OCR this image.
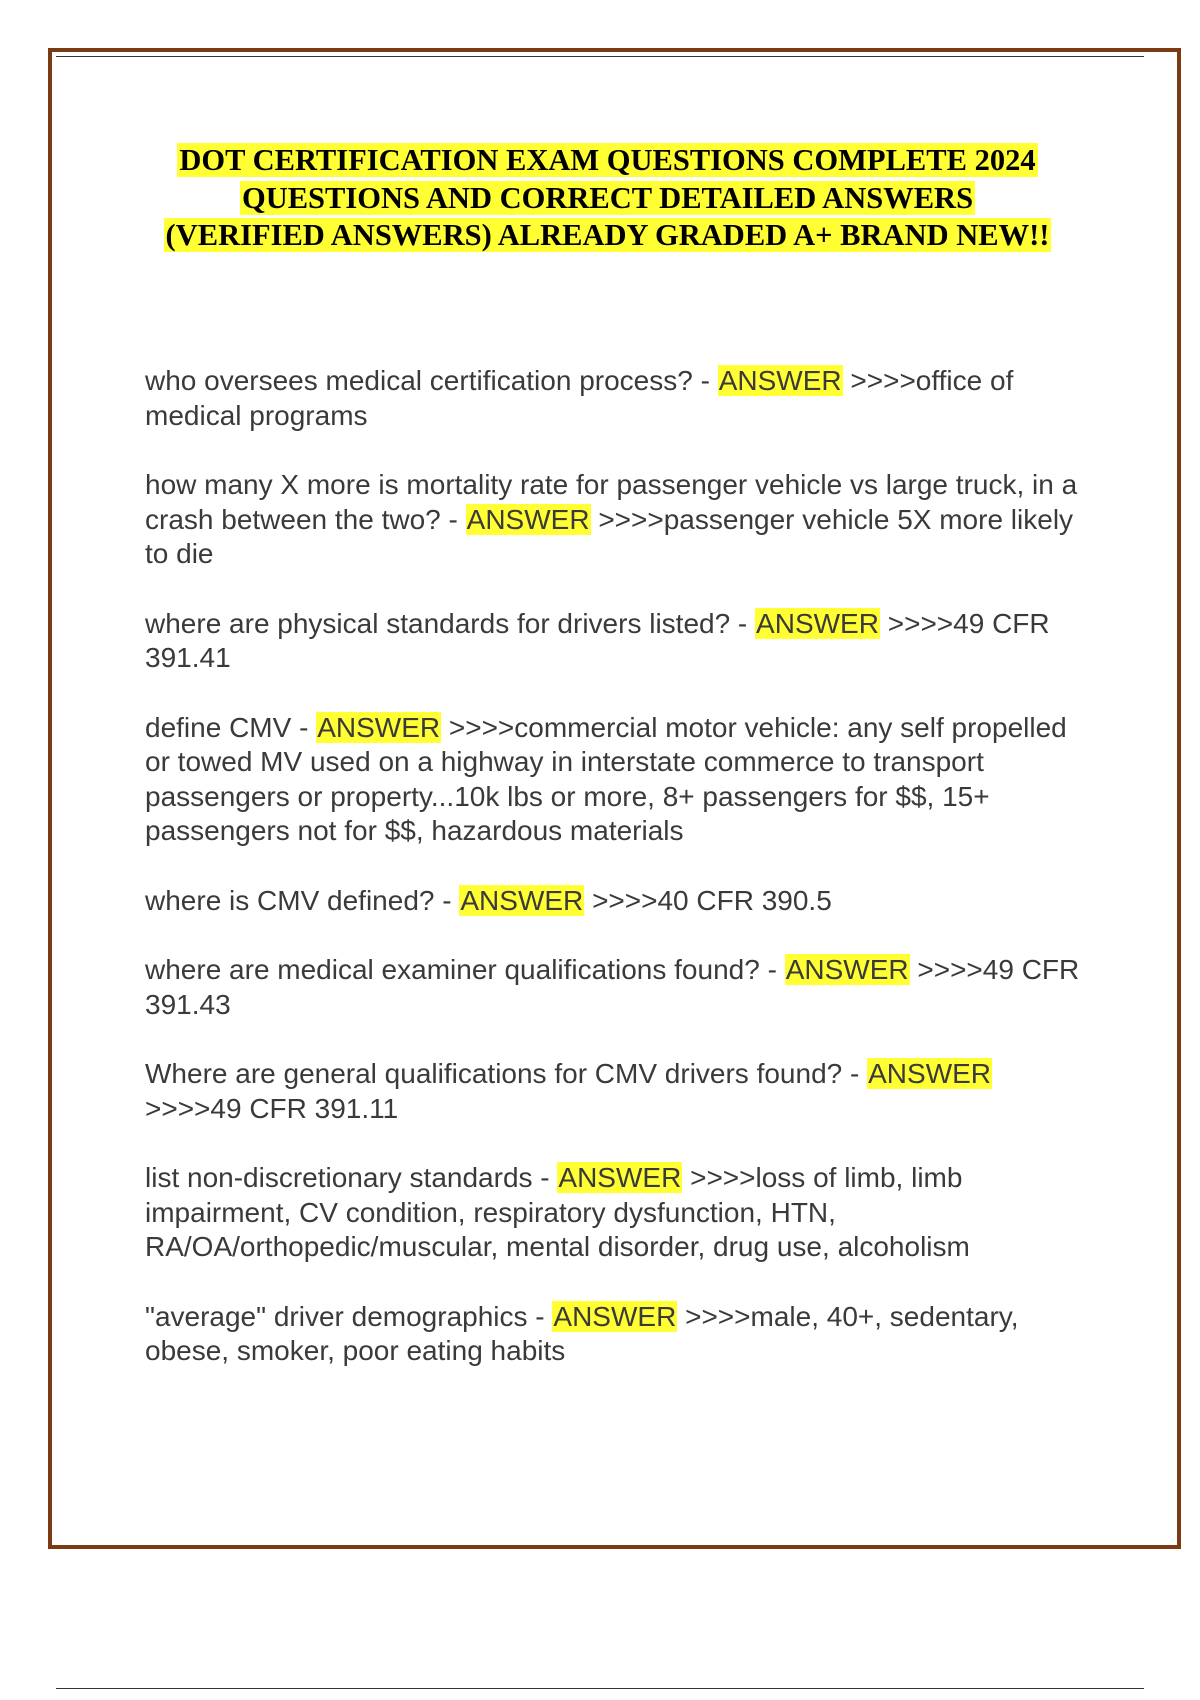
DOT CERTIFICATION EXAM QUESTIONS COMPLETE 2024
QUESTIONS AND CORRECT DETAILED ANSWERS
(VERIFIED ANSWERS) ALREADY GRADED A+ BRAND NEW!!

who oversees medical certification process? - ANSWER >>>>office of medical programs

how many X more is mortality rate for passenger vehicle vs large truck, in a crash between the two? - ANSWER >>>>passenger vehicle 5X more likely to die

where are physical standards for drivers listed? - ANSWER >>>>49 CFR 391.41

define CMV - ANSWER >>>>commercial motor vehicle: any self propelled or towed MV used on a highway in interstate commerce to transport passengers or property...10k lbs or more, 8+ passengers for $$, 15+ passengers not for $$, hazardous materials

where is CMV defined? - ANSWER >>>>40 CFR 390.5

where are medical examiner qualifications found? - ANSWER >>>>49 CFR 391.43

Where are general qualifications for CMV drivers found? - ANSWER >>>>49 CFR 391.11

list non-discretionary standards - ANSWER >>>>loss of limb, limb impairment, CV condition, respiratory dysfunction, HTN, RA/OA/orthopedic/muscular, mental disorder, drug use, alcoholism

"average" driver demographics - ANSWER >>>>male, 40+, sedentary, obese, smoker, poor eating habits
